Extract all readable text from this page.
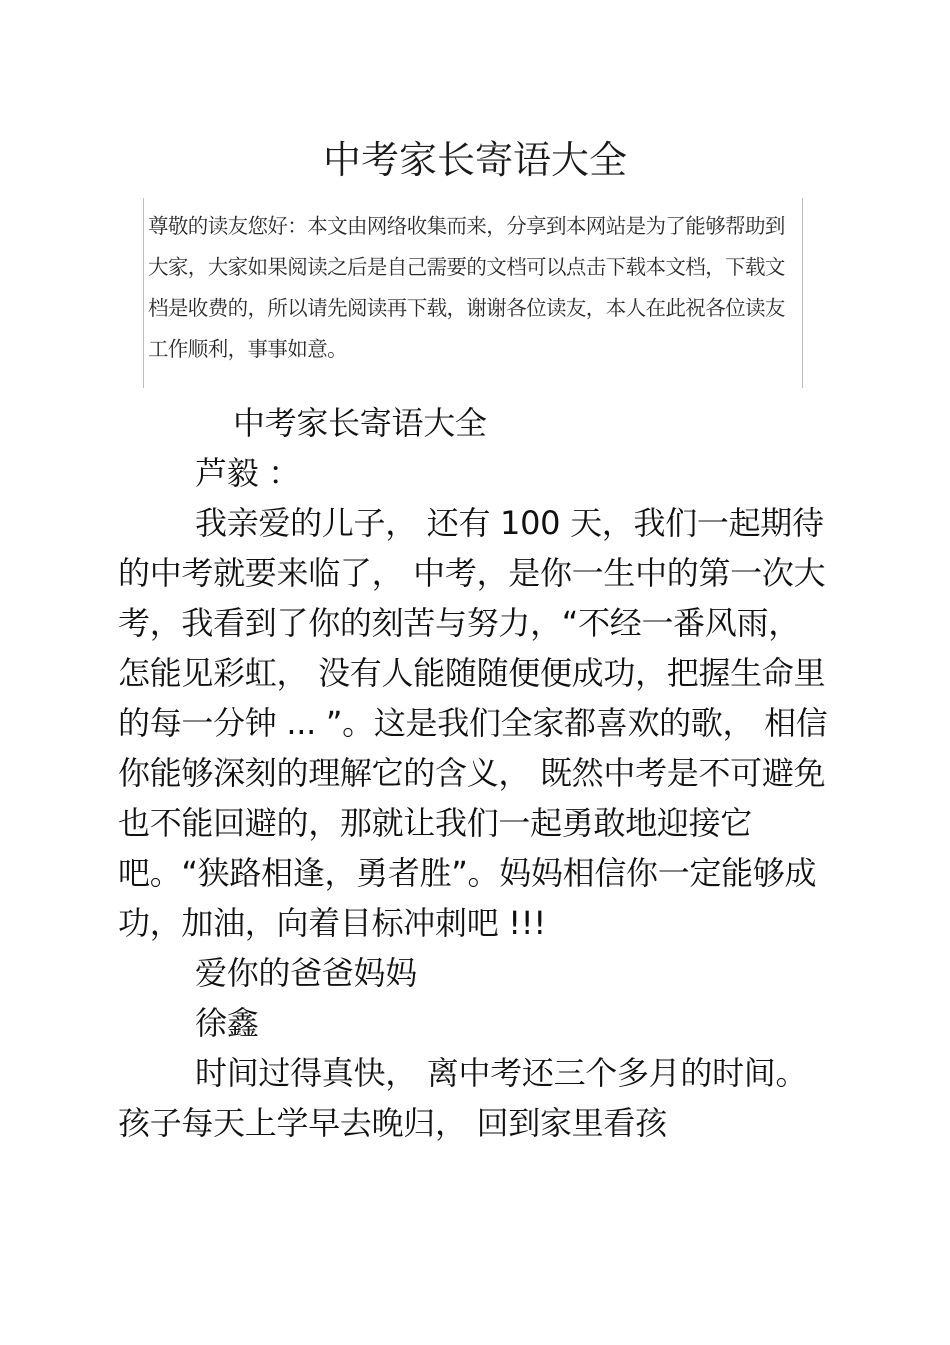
中考家长寄语大全
尊敬的读友您好：本文由网络收集而来，分享到本网站是为了能够帮助到大家，大家如果阅读之后是自己需要的文档可以点击下载本文档，下载文档是收费的，所以请先阅读再下载，谢谢各位读友，本人在此祝各位读友工作顺利，事事如意。

中考家长寄语大全

芦毅 ：

我亲爱的儿子， 还有 100 天，我们一起期待的中考就要来临了， 中考，是你一生中的第一次大考，我看到了你的刻苦与努力，“不经一番风雨， 怎能见彩虹， 没有人能随随便便成功，把握生命里的每一分钟 ... ”。这是我们全家都喜欢的歌， 相信你能够深刻的理解它的含义， 既然中考是不可避免也不能回避的，那就让我们一起勇敢地迎接它吧。“狭路相逢，勇者胜”。妈妈相信你一定能够成功，加油，向着目标冲刺吧 !!!

爱你的爸爸妈妈

徐鑫

时间过得真快， 离中考还三个多月的时间。孩子每天上学早去晚归， 回到家里看孩
